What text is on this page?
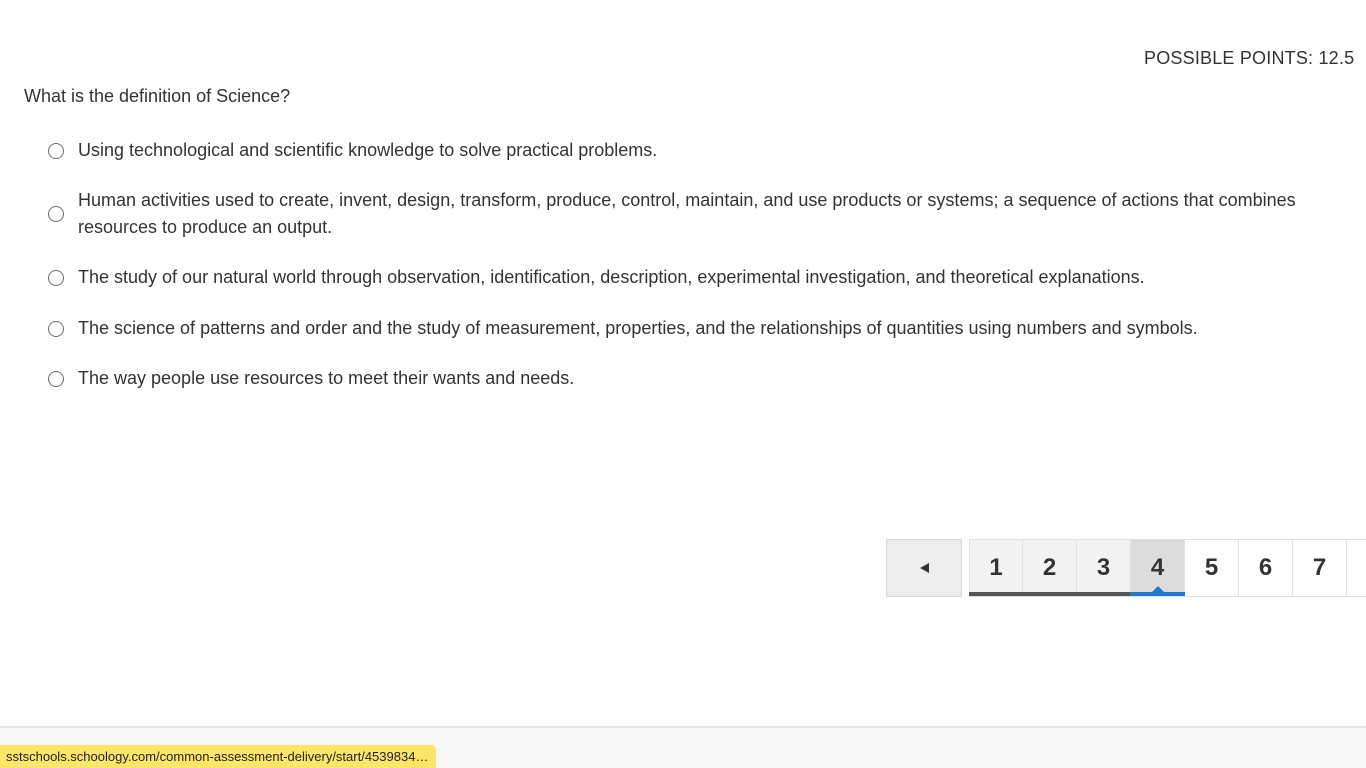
POSSIBLE POINTS: 12.5
What is the definition of Science?
Using technological and scientific knowledge to solve practical problems.
Human activities used to create, invent, design, transform, produce, control, maintain, and use products or systems; a sequence of actions that combines resources to produce an output.
The study of our natural world through observation, identification, description, experimental investigation, and theoretical explanations.
The science of patterns and order and the study of measurement, properties, and the relationships of quantities using numbers and symbols.
The way people use resources to meet their wants and needs.
1	2	3	4	5	6	7
sstschools.schoology.com/common-assessment-delivery/start/4539834…
